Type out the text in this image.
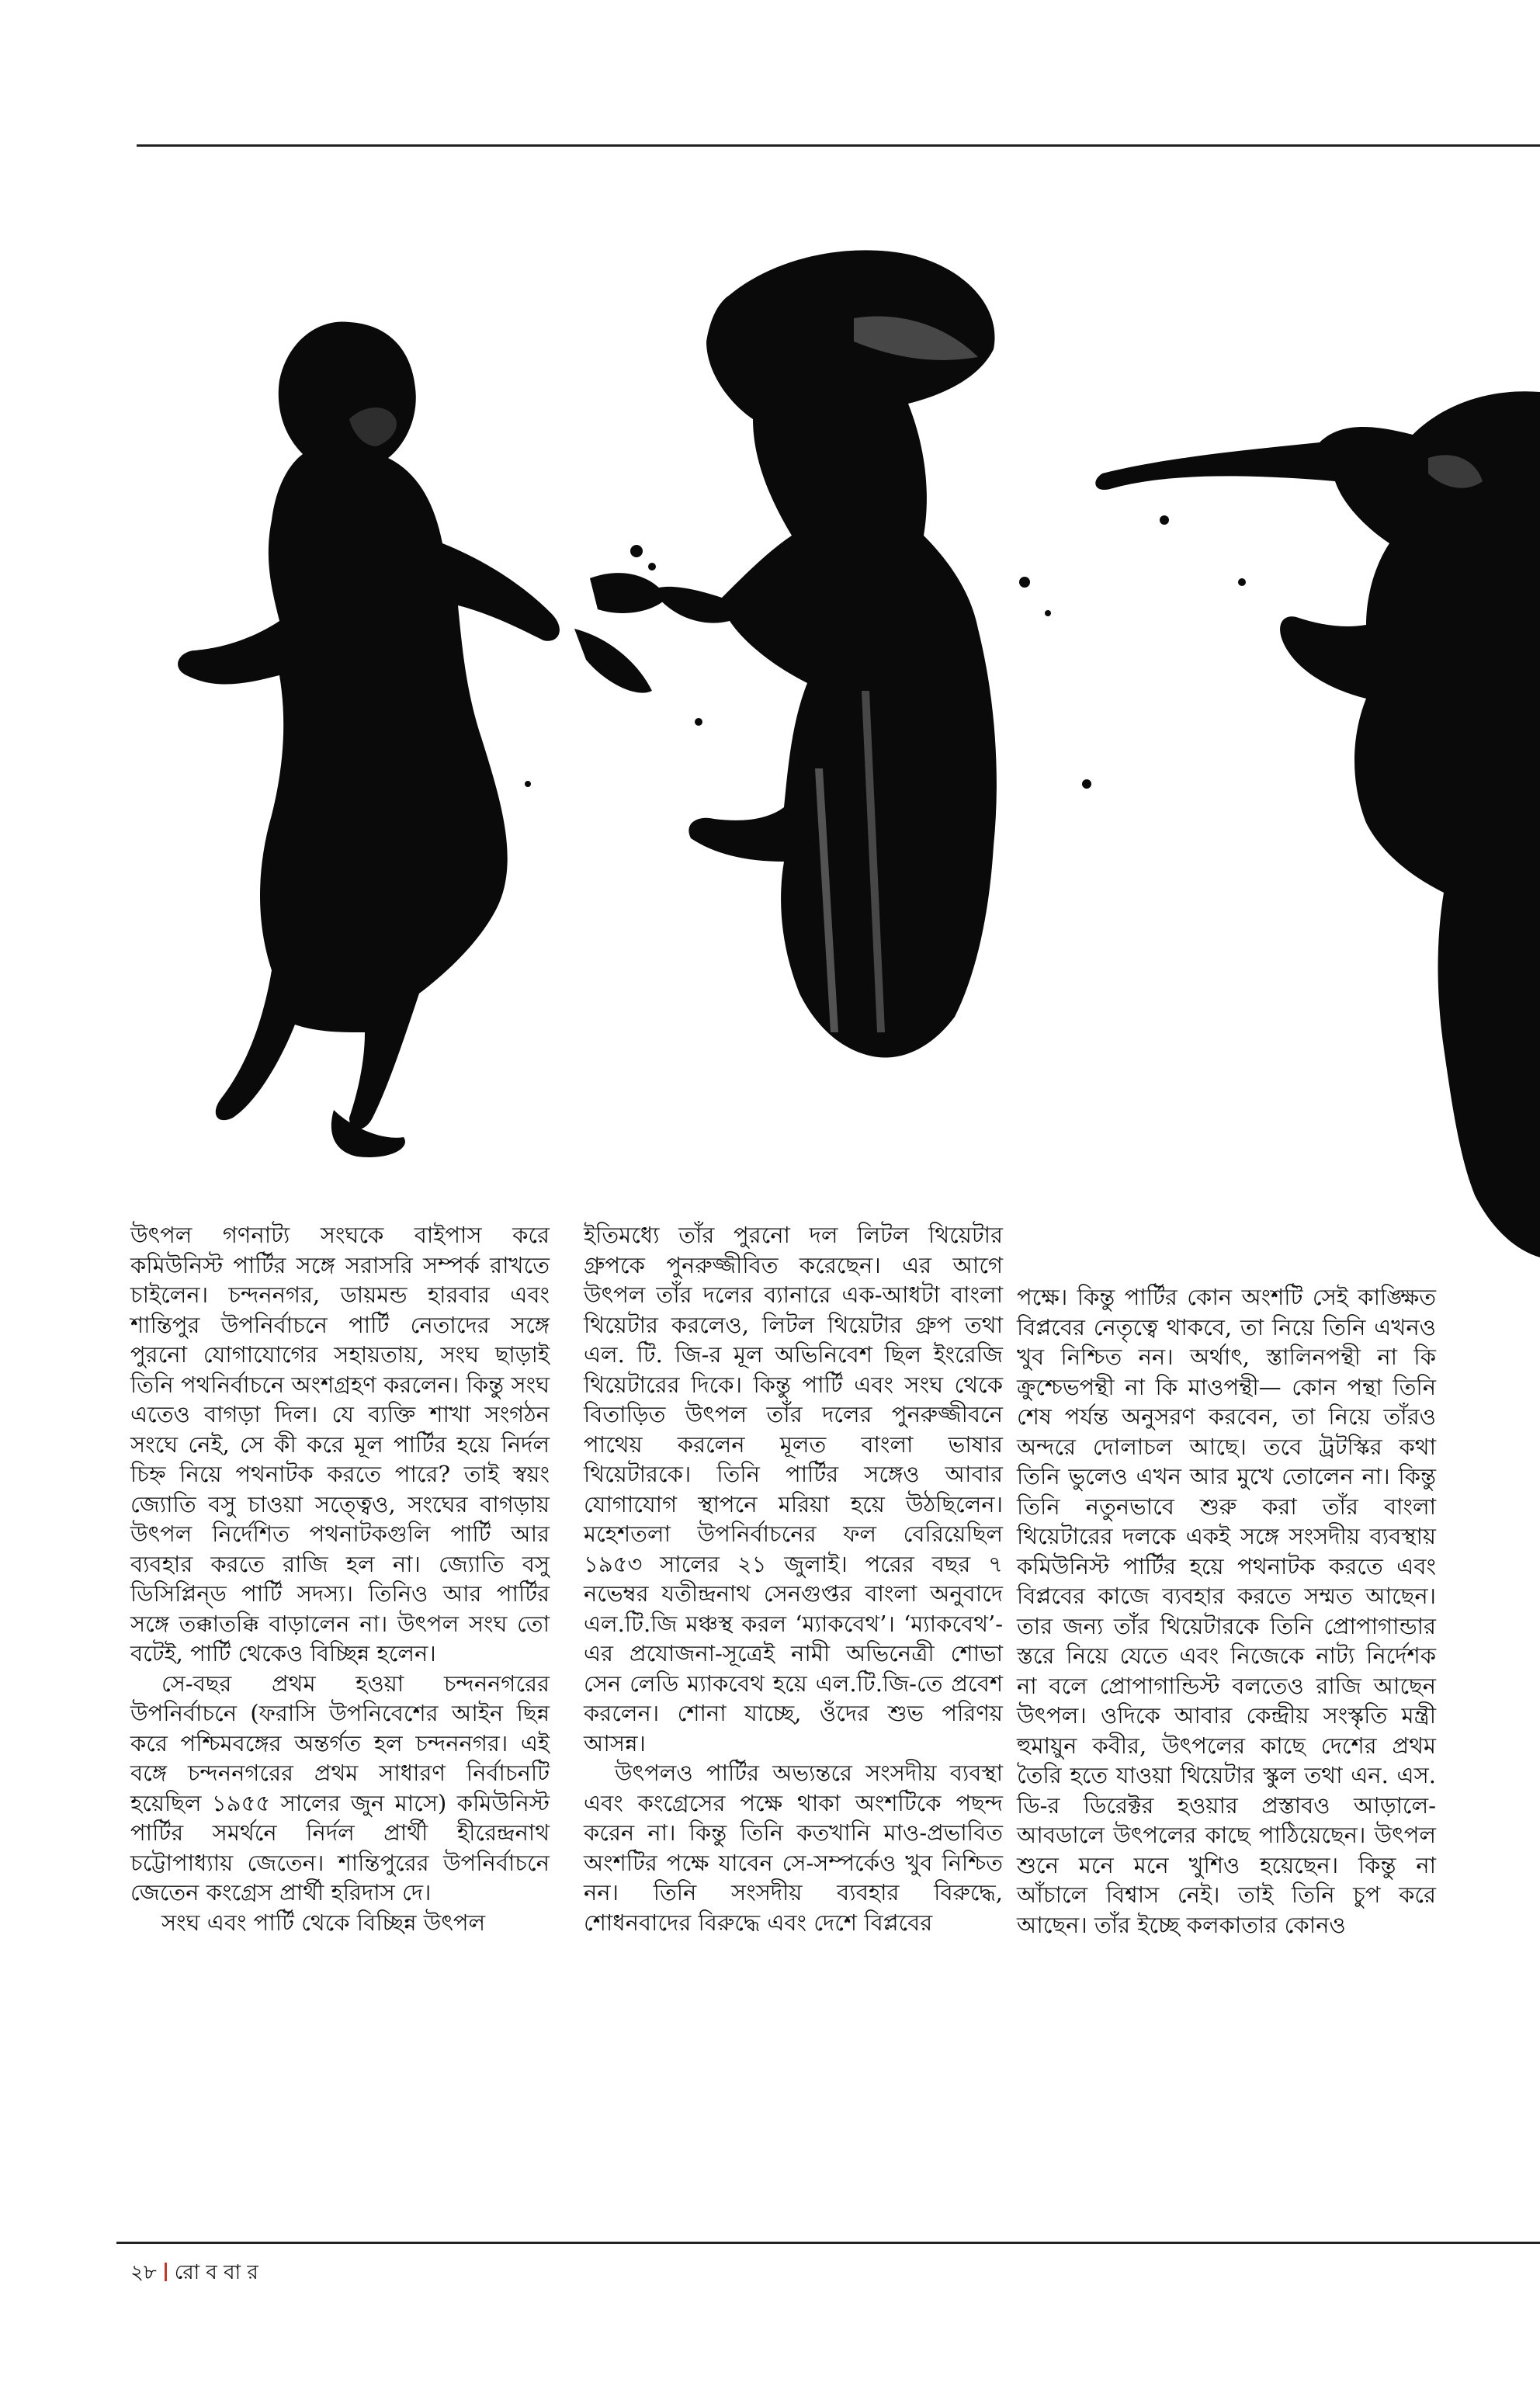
উৎপল গণনাট্য সংঘকে বাইপাস করে কমিউনিস্ট পার্টির সঙ্গে সরাসরি সম্পর্ক রাখতে চাইলেন। চন্দননগর, ডায়মন্ড হারবার এবং শান্তিপুর উপনির্বাচনে পার্টি নেতাদের সঙ্গে পুরনো যোগাযোগের সহায়তায়, সংঘ ছাড়াই তিনি পথনির্বাচনে অংশগ্রহণ করলেন। কিন্তু সংঘ এতেও বাগড়া দিল। যে ব্যক্তি শাখা সংগঠন সংঘে নেই, সে কী করে মূল পার্টির হয়ে নির্দল চিহ্ন নিয়ে পথনাটক করতে পারে? তাই স্বয়ং জ্যোতি বসু চাওয়া সত্ত্বেও, সংঘের বাগড়ায় উৎপল নির্দেশিত পথনাটকগুলি পার্টি আর ব্যবহার করতে রাজি হল না। জ্যোতি বসু ডিসিপ্লিন্‌ড পার্টি সদস্য। তিনিও আর পার্টির সঙ্গে তক্কাতক্কি বাড়ালেন না। উৎপল সংঘ তো বটেই, পার্টি থেকেও বিচ্ছিন্ন হলেন।

সে-বছর প্রথম হওয়া চন্দননগরের উপনির্বাচনে (ফরাসি উপনিবেশের আইন ছিন্ন করে পশ্চিমবঙ্গের অন্তর্গত হল চন্দননগর। এই বঙ্গে চন্দননগরের প্রথম সাধারণ নির্বাচনটি হয়েছিল ১৯৫৫ সালের জুন মাসে) কমিউনিস্ট পার্টির সমর্থনে নির্দল প্রার্থী হীরেন্দ্রনাথ চট্টোপাধ্যায় জেতেন। শান্তিপুরের উপনির্বাচনে জেতেন কংগ্রেস প্রার্থী হরিদাস দে।

সংঘ এবং পার্টি থেকে বিচ্ছিন্ন উৎপল

ইতিমধ্যে তাঁর পুরনো দল লিটল থিয়েটার গ্রুপকে পুনরুজ্জীবিত করেছেন। এর আগে উৎপল তাঁর দলের ব্যানারে এক-আধটা বাংলা থিয়েটার করলেও, লিটল থিয়েটার গ্রুপ তথা এল. টি. জি-র মূল অভিনিবেশ ছিল ইংরেজি থিয়েটারের দিকে। কিন্তু পার্টি এবং সংঘ থেকে বিতাড়িত উৎপল তাঁর দলের পুনরুজ্জীবনে পাথেয় করলেন মূলত বাংলা ভাষার থিয়েটারকে। তিনি পার্টির সঙ্গেও আবার যোগাযোগ স্থাপনে মরিয়া হয়ে উঠছিলেন। মহেশতলা উপনির্বাচনের ফল বেরিয়েছিল ১৯৫৩ সালের ২১ জুলাই। পরের বছর ৭ নভেম্বর যতীন্দ্রনাথ সেনগুপ্তর বাংলা অনুবাদে এল.টি.জি মঞ্চস্থ করল ‘ম্যাকবেথ’। ‘ম্যাকবেথ’-এর প্রযোজনা-সূত্রেই নামী অভিনেত্রী শোভা সেন লেডি ম্যাকবেথ হয়ে এল.টি.জি-তে প্রবেশ করলেন। শোনা যাচ্ছে, ওঁদের শুভ পরিণয় আসন্ন।

উৎপলও পার্টির অভ্যন্তরে সংসদীয় ব্যবস্থা এবং কংগ্রেসের পক্ষে থাকা অংশটিকে পছন্দ করেন না। কিন্তু তিনি কতখানি মাও-প্রভাবিত অংশটির পক্ষে যাবেন সে-সম্পর্কেও খুব নিশ্চিত নন। তিনি সংসদীয় ব্যবহার বিরুদ্ধে, শোধনবাদের বিরুদ্ধে এবং দেশে বিপ্লবের

পক্ষে। কিন্তু পার্টির কোন অংশটি সেই কাঙ্ক্ষিত বিপ্লবের নেতৃত্বে থাকবে, তা নিয়ে তিনি এখনও খুব নিশ্চিত নন। অর্থাৎ, স্তালিনপন্থী না কি ক্রুশ্চেভপন্থী না কি মাওপন্থী— কোন পন্থা তিনি শেষ পর্যন্ত অনুসরণ করবেন, তা নিয়ে তাঁরও অন্দরে দোলাচল আছে। তবে ট্রটস্কির কথা তিনি ভুলেও এখন আর মুখে তোলেন না। কিন্তু তিনি নতুনভাবে শুরু করা তাঁর বাংলা থিয়েটারের দলকে একই সঙ্গে সংসদীয় ব্যবস্থায় কমিউনিস্ট পার্টির হয়ে পথনাটক করতে এবং বিপ্লবের কাজে ব্যবহার করতে সম্মত আছেন। তার জন্য তাঁর থিয়েটারকে তিনি প্রোপাগান্ডার স্তরে নিয়ে যেতে এবং নিজেকে নাট্য নির্দেশক না বলে প্রোপাগান্ডিস্ট বলতেও রাজি আছেন উৎপল। ওদিকে আবার কেন্দ্রীয় সংস্কৃতি মন্ত্রী হুমায়ুন কবীর, উৎপলের কাছে দেশের প্রথম তৈরি হতে যাওয়া থিয়েটার স্কুল তথা এন. এস. ডি-র ডিরেক্টর হওয়ার প্রস্তাবও আড়ালে-আবডালে উৎপলের কাছে পাঠিয়েছেন। উৎপল শুনে মনে মনে খুশিও হয়েছেন। কিন্তু না আঁচালে বিশ্বাস নেই। তাই তিনি চুপ করে আছেন। তাঁর ইচ্ছে কলকাতার কোনও

২৮ রো ব বা র
